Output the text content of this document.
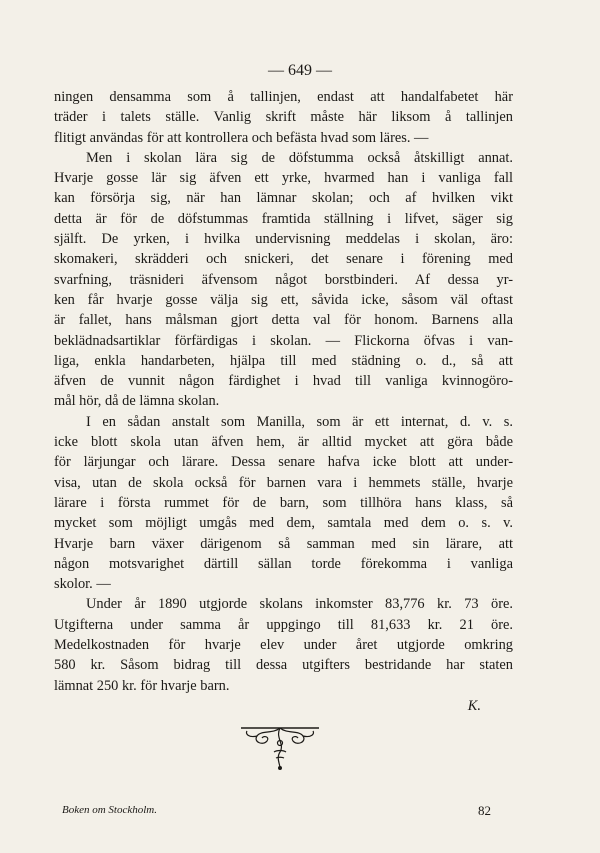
— 649 —
ningen densamma som å tallinjen, endast att handalfabetet här
träder i talets ställe. Vanlig skrift måste här liksom å tallinjen
flitigt användas för att kontrollera och befästa hvad som läres. —
Men i skolan lära sig de döfstumma också åtskilligt annat.
Hvarje gosse lär sig äfven ett yrke, hvarmed han i vanliga fall
kan försörja sig, när han lämnar skolan; och af hvilken vikt
detta är för de döfstummas framtida ställning i lifvet, säger sig
själft. De yrken, i hvilka undervisning meddelas i skolan, äro:
skomakeri, skrädderi och snickeri, det senare i förening med
svarfning, träsnideri äfvensom något borstbinderi. Af dessa yr-
ken får hvarje gosse välja sig ett, såvida icke, såsom väl oftast
är fallet, hans målsman gjort detta val för honom. Barnens alla
beklädnadsartiklar förfärdigas i skolan. — Flickorna öfvas i van-
liga, enkla handarbeten, hjälpa till med städning o. d., så att
äfven de vunnit någon färdighet i hvad till vanliga kvinnogöro-
mål hör, då de lämna skolan.
I en sådan anstalt som Manilla, som är ett internat, d. v. s.
icke blott skola utan äfven hem, är alltid mycket att göra både
för lärjungar och lärare. Dessa senare hafva icke blott att under-
visa, utan de skola också för barnen vara i hemmets ställe, hvarje
lärare i första rummet för de barn, som tillhöra hans klass, så
mycket som möjligt umgås med dem, samtala med dem o. s. v.
Hvarje barn växer därigenom så samman med sin lärare, att
någon motsvarighet därtill sällan torde förekomma i vanliga
skolor. —
Under år 1890 utgjorde skolans inkomster 83,776 kr. 73 öre.
Utgifterna under samma år uppgingo till 81,633 kr. 21 öre.
Medelkostnaden för hvarje elev under året utgjorde omkring
580 kr. Såsom bidrag till dessa utgifters bestridande har staten
lämnat 250 kr. för hvarje barn.
K.
Boken om Stockholm.	82
